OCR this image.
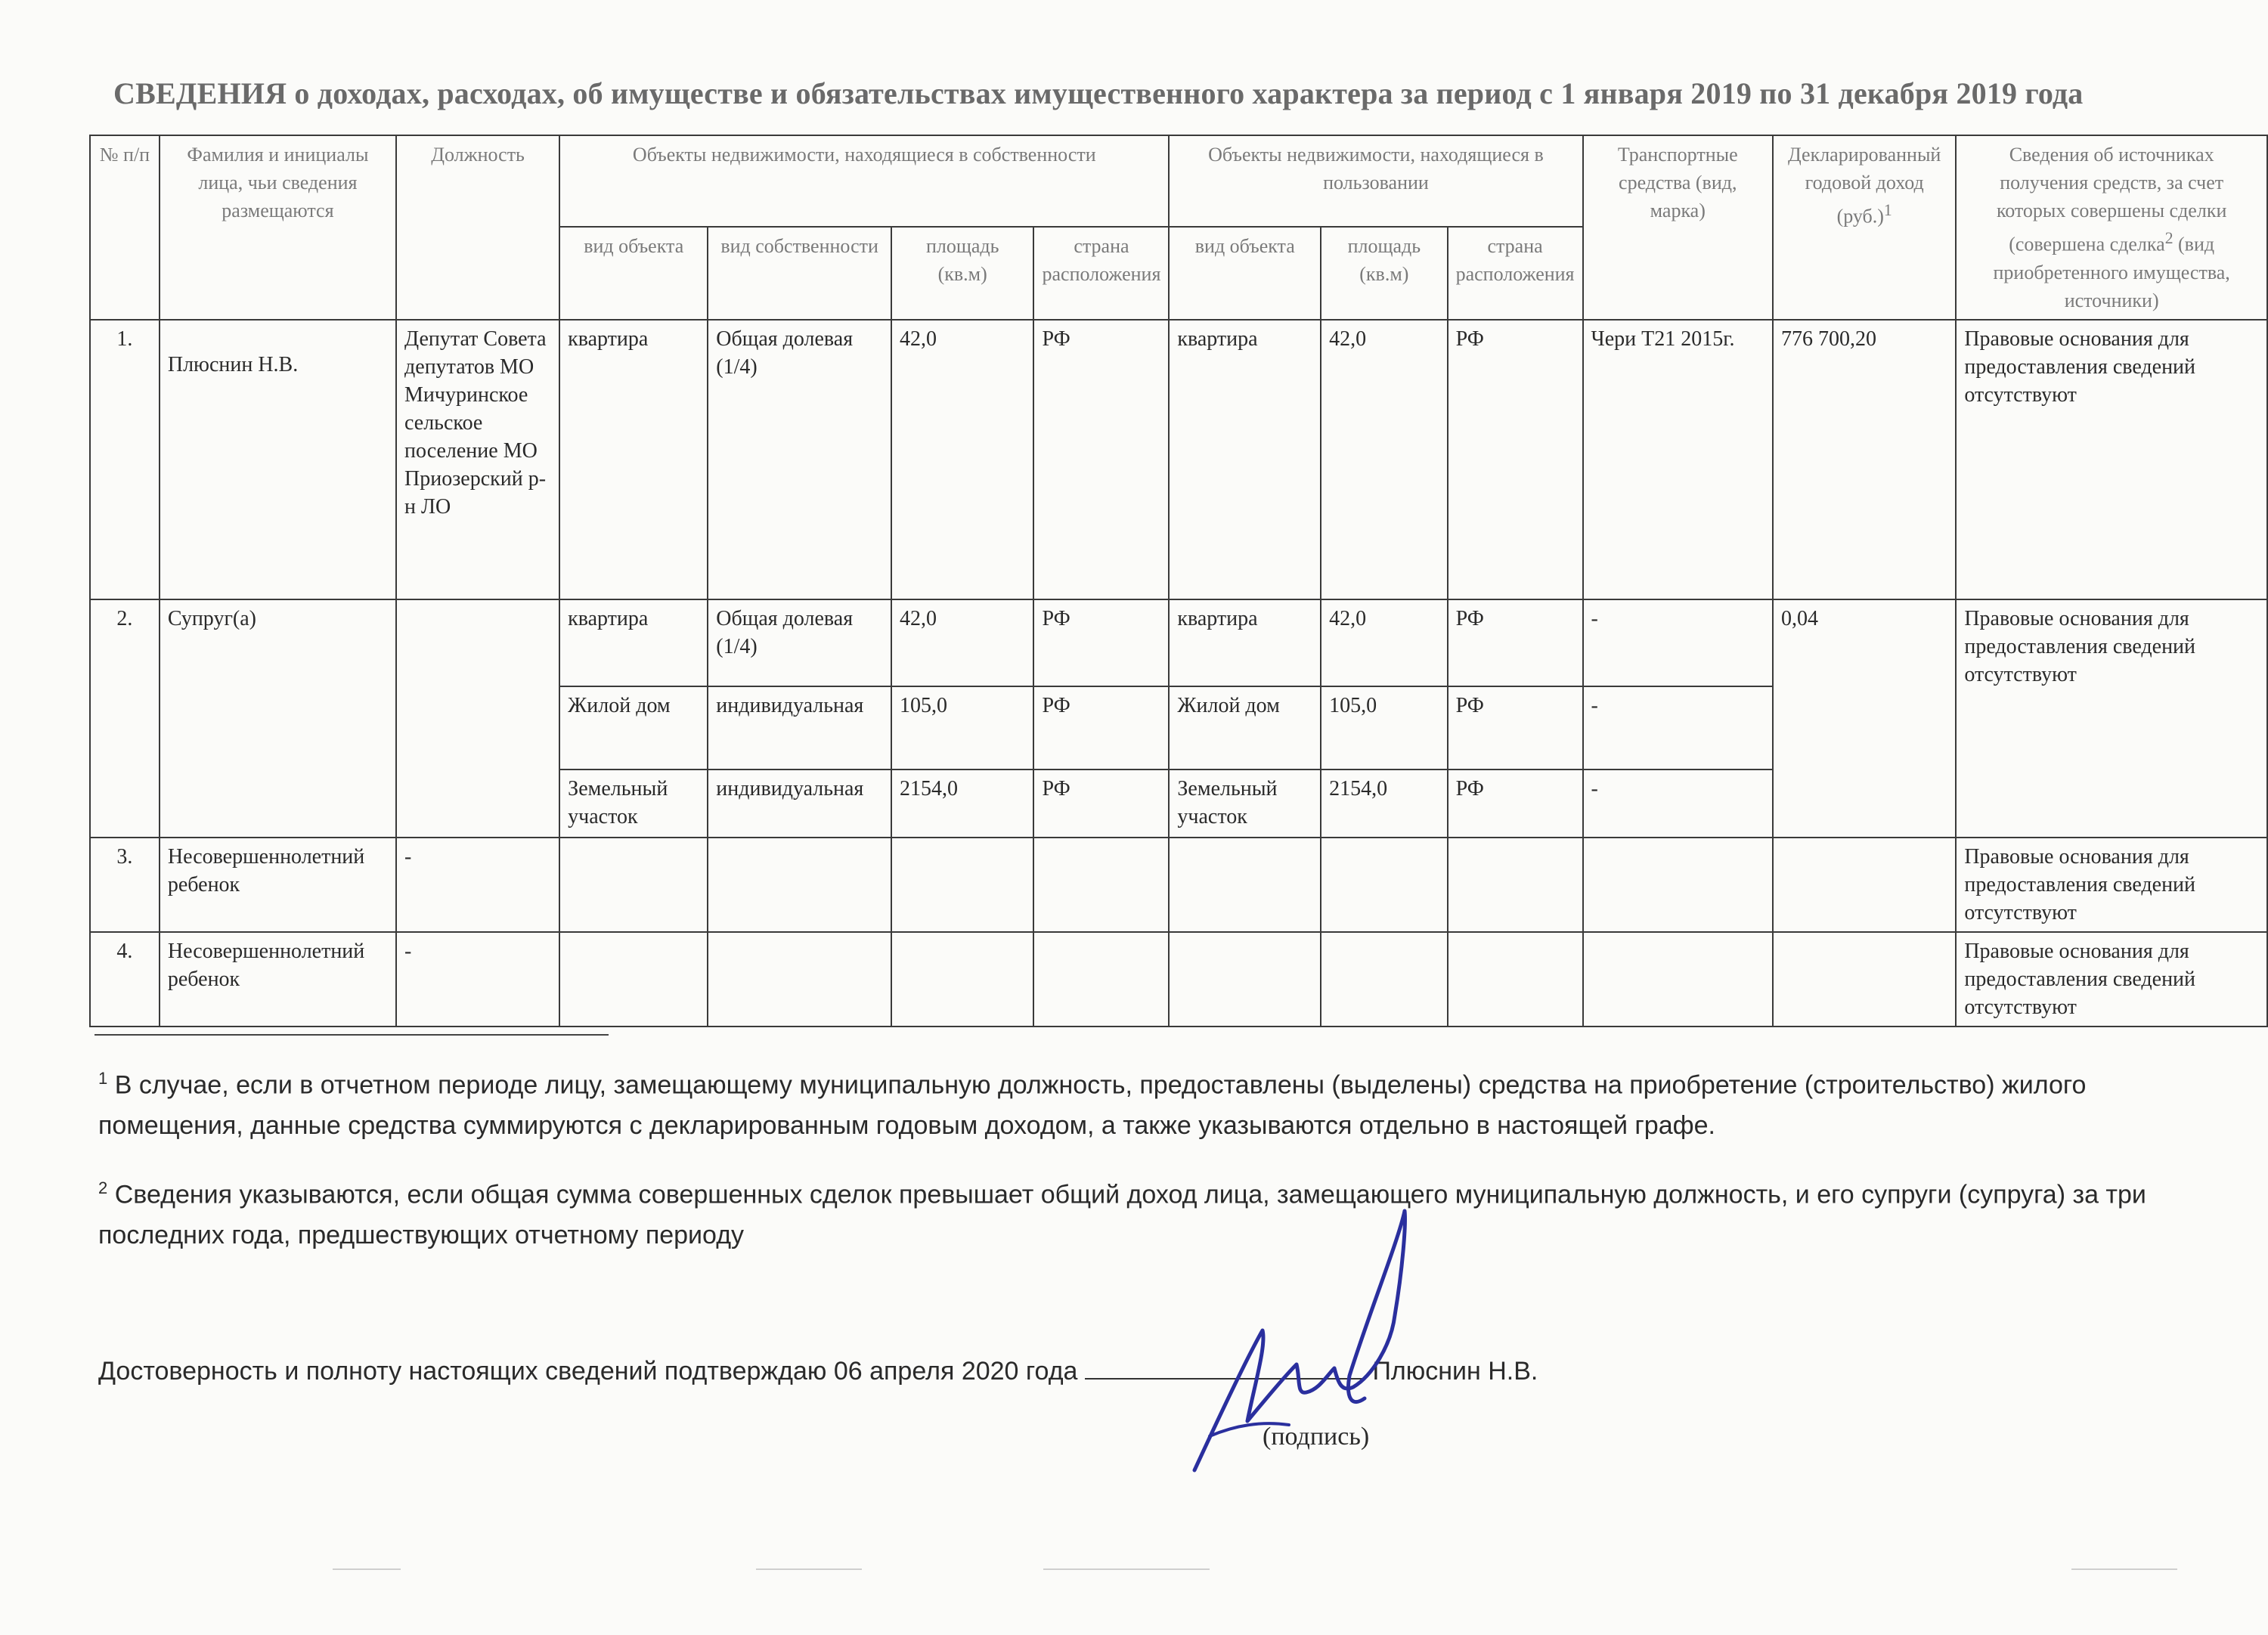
СВЕДЕНИЯ о доходах, расходах, об имуществе и обязательствах имущественного характера за период с 1 января 2019 по 31 декабря 2019 года
№ п/п	Фамилия и инициалы лица, чьи сведения размещаются	Должность	Объекты недвижимости, находящиеся в собственности				Объекты недвижимости, находящиеся в пользовании			Транспортные средства (вид, марка)	Декларированный годовой доход $(руб.)^1$	Сведения об источниках получения средств, за счет которых совершены сделки (совершена сделка$^2$ (вид приобретенного имущества, источники)
			вид объекта	вид собственности	площадь (кв.м)	страна расположения	вид объекта	площадь (кв.м)	страна расположения			
1.	Плюснин Н.В.	Депутат Совета депутатов МО Мичуринское сельское поселение МО Приозерский р-н ЛО	квартира	Общая долевая (1/4)	42,0	РФ	квартира	42,0	РФ	Чери Т21 2015г.	776 700,20	Правовые основания для предоставления сведений отсутствуют
2.	Супруг(а)		квартира	Общая долевая (1/4)	42,0	РФ	квартира	42,0	РФ	-	0,04	Правовые основания для предоставления сведений отсутствуют
			Жилой дом	индивидуальная	105,0	РФ	Жилой дом	105,0	РФ	-		
			Земельный участок	индивидуальная	2154,0	РФ	Земельный участок	2154,0	РФ	-		
3.	Несовершеннолетний ребенок	-										Правовые основания для предоставления сведений отсутствуют
4.	Несовершеннолетний ребенок	-										Правовые основания для предоставления сведений отсутствуют
$^1$ В случае, если в отчетном периоде лицу, замещающему муниципальную должность, предоставлены (выделены) средства на приобретение (строительство) жилого помещения, данные средства суммируются с декларированным годовым доходом, а также указываются отдельно в настоящей графе.
$^2$ Сведения указываются, если общая сумма совершенных сделок превышает общий доход лица, замещающего муниципальную должность, и его супруги (супруга) за три последних года, предшествующих отчетному периоду
Достоверность и полноту настоящих сведений подтверждаю 06 апреля 2020 года	Плюснин Н.В.
(подпись)
